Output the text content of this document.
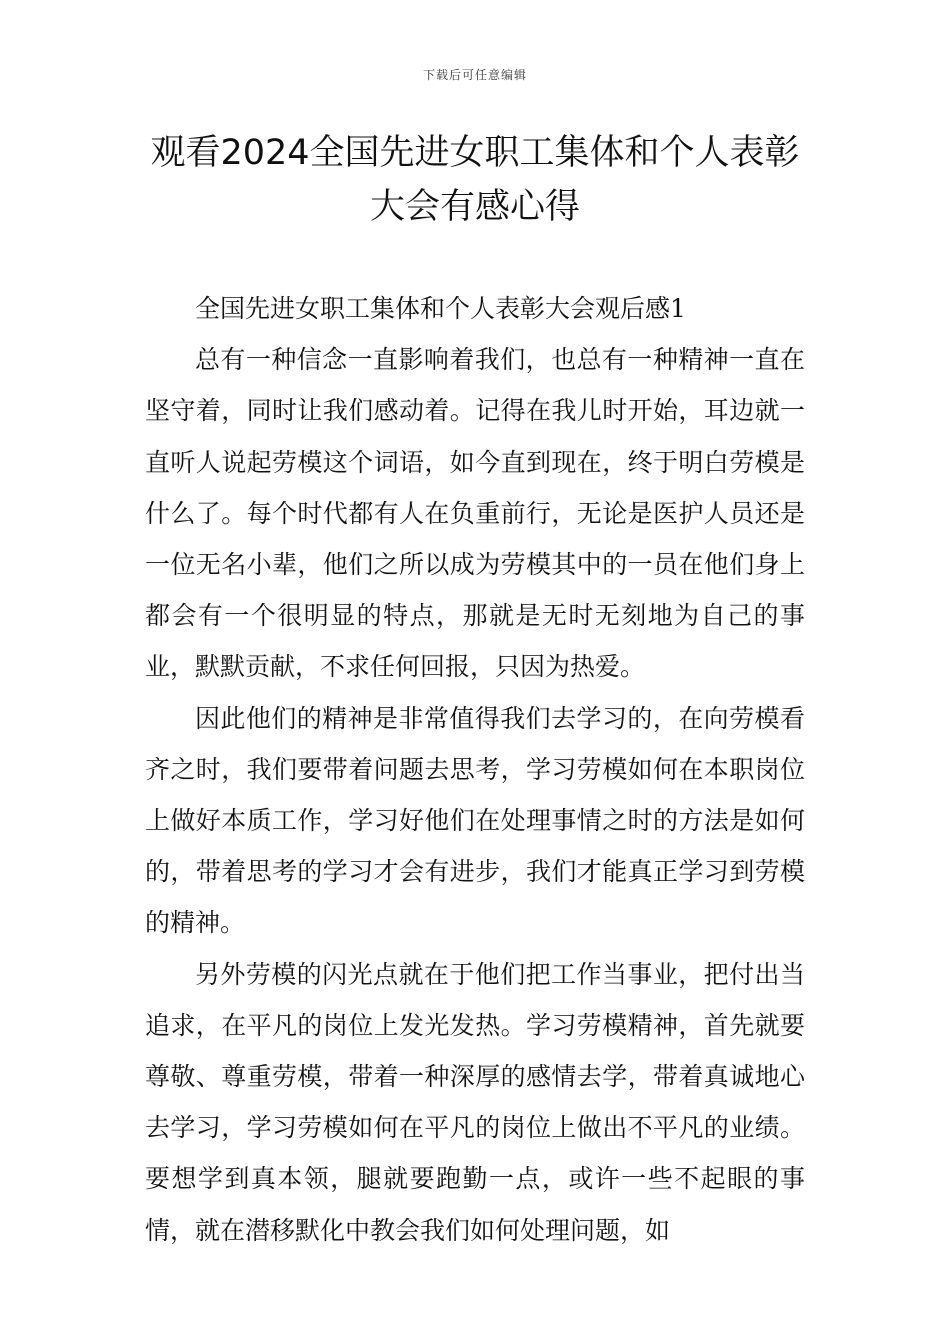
下载后可任意编辑
观看2024全国先进女职工集体和个人表彰大会有感心得

全国先进女职工集体和个人表彰大会观后感1

总有一种信念一直影响着我们，也总有一种精神一直在坚守着，同时让我们感动着。记得在我儿时开始，耳边就一直听人说起劳模这个词语，如今直到现在，终于明白劳模是什么了。每个时代都有人在负重前行，无论是医护人员还是一位无名小辈，他们之所以成为劳模其中的一员在他们身上都会有一个很明显的特点，那就是无时无刻地为自己的事业，默默贡献，不求任何回报，只因为热爱。

因此他们的精神是非常值得我们去学习的，在向劳模看齐之时，我们要带着问题去思考，学习劳模如何在本职岗位上做好本质工作，学习好他们在处理事情之时的方法是如何的，带着思考的学习才会有进步，我们才能真正学习到劳模的精神。

另外劳模的闪光点就在于他们把工作当事业，把付出当追求，在平凡的岗位上发光发热。学习劳模精神，首先就要尊敬、尊重劳模，带着一种深厚的感情去学，带着真诚地心去学习，学习劳模如何在平凡的岗位上做出不平凡的业绩。要想学到真本领，腿就要跑勤一点，或许一些不起眼的事情，就在潜移默化中教会我们如何处理问题，如
